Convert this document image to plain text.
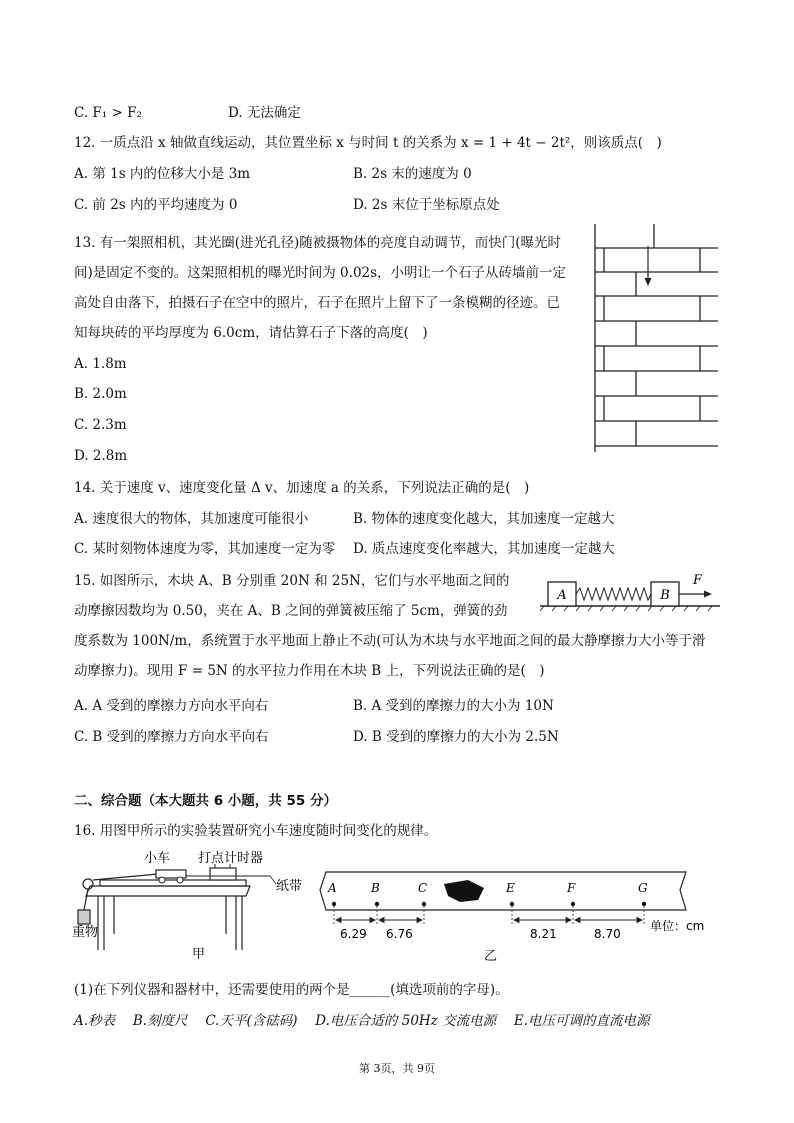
C. F₁ > F₂	D. 无法确定
12. 一质点沿 x 轴做直线运动，其位置坐标 x 与时间 t 的关系为 x = 1 + 4t − 2t²，则该质点(　)
A. 第 1s 内的位移大小是 3m	B. 2s 末的速度为 0
C. 前 2s 内的平均速度为 0	D. 2s 末位于坐标原点处
13. 有一架照相机，其光圈(进光孔径)随被摄物体的亮度自动调节，而快门(曝光时
间)是固定不变的。这架照相机的曝光时间为 0.02s，小明让一个石子从砖墙前一定
高处自由落下，拍摄石子在空中的照片，石子在照片上留下了一条模糊的径迹。已
知每块砖的平均厚度为 6.0cm，请估算石子下落的高度(　)
A. 1.8m
B. 2.0m
C. 2.3m
D. 2.8m
14. 关于速度 v、速度变化量 Δ v、加速度 a 的关系，下列说法正确的是(　)
A. 速度很大的物体，其加速度可能很小	B. 物体的速度变化越大，其加速度一定越大
C. 某时刻物体速度为零，其加速度一定为零 D. 质点速度变化率越大，其加速度一定越大
15. 如图所示，木块 A、B 分别重 20N 和 25N，它们与水平地面之间的
动摩擦因数均为 0.50，夹在 A、B 之间的弹簧被压缩了 5cm，弹簧的劲
度系数为 100N/m，系统置于水平地面上静止不动(可认为木块与水平地面之间的最大静摩擦力大小等于滑
动摩擦力)。现用 F = 5N 的水平拉力作用在木块 B 上，下列说法正确的是(　)
A. A 受到的摩擦力方向水平向右	B. A 受到的摩擦力的大小为 10N
C. B 受到的摩擦力方向水平向右	D. B 受到的摩擦力的大小为 2.5N
A	B
F
二、综合题（本大题共 6 小题，共 55 分）
16. 用图甲所示的实验装置研究小车速度随时间变化的规律。
小车 打点计时器
纸带
重物
甲
A	B	C	E	F	G
6.29 6.76	8.21	8.70
单位：cm
乙
(1)在下列仪器和器材中，还需要使用的两个是______(填选项前的字母)。
A.秒表　 B.刻度尺　 C.天平(含砝码)　 D.电压合适的 50Hz 交流电源　 E.电压可调的直流电源
第 3页，共 9页
